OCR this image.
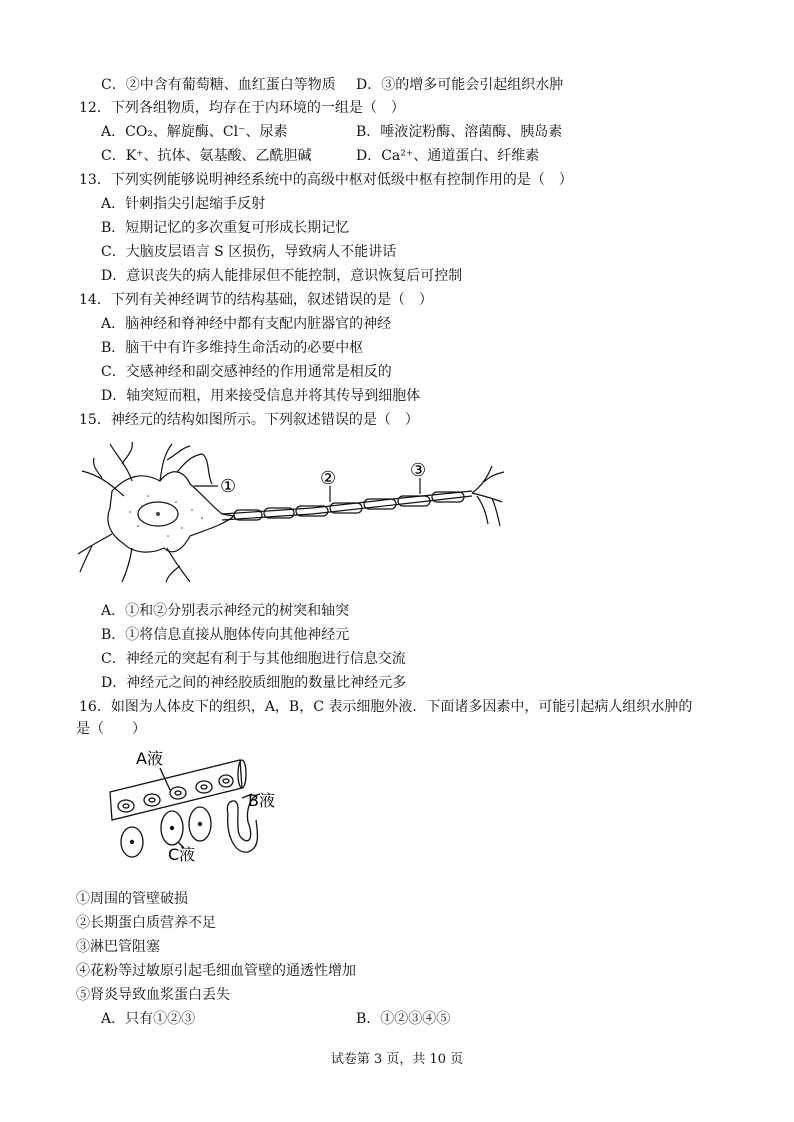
C．②中含有葡萄糖、血红蛋白等物质 D．③的增多可能会引起组织水肿
12．下列各组物质，均存在于内环境的一组是（　）
A．CO₂、解旋酶、Cl⁻、尿素	B．唾液淀粉酶、溶菌酶、胰岛素
C．K⁺、抗体、氨基酸、乙酰胆碱	D．Ca²⁺、通道蛋白、纤维素
13．下列实例能够说明神经系统中的高级中枢对低级中枢有控制作用的是（　）
A．针刺指尖引起缩手反射
B．短期记忆的多次重复可形成长期记忆
C．大脑皮层语言 S 区损伤，导致病人不能讲话
D．意识丧失的病人能排尿但不能控制，意识恢复后可控制
14．下列有关神经调节的结构基础，叙述错误的是（　）
A．脑神经和脊神经中都有支配内脏器官的神经
B．脑干中有许多维持生命活动的必要中枢
C．交感神经和副交感神经的作用通常是相反的
D．轴突短而粗，用来接受信息并将其传导到细胞体
15．神经元的结构如图所示。下列叙述错误的是（　）
①	②	③
A．①和②分别表示神经元的树突和轴突
B．①将信息直接从胞体传向其他神经元
C．神经元的突起有利于与其他细胞进行信息交流
D．神经元之间的神经胶质细胞的数量比神经元多
16．如图为人体皮下的组织，A，B，C 表示细胞外液．下面诸多因素中，可能引起病人组织水肿的
是（　　）
A液
B液
C液
①周围的管壁破损
②长期蛋白质营养不足
③淋巴管阻塞
④花粉等过敏原引起毛细血管壁的通透性增加
⑤肾炎导致血浆蛋白丢失
A．只有①②③	B．①②③④⑤
试卷第 3 页，共 10 页
